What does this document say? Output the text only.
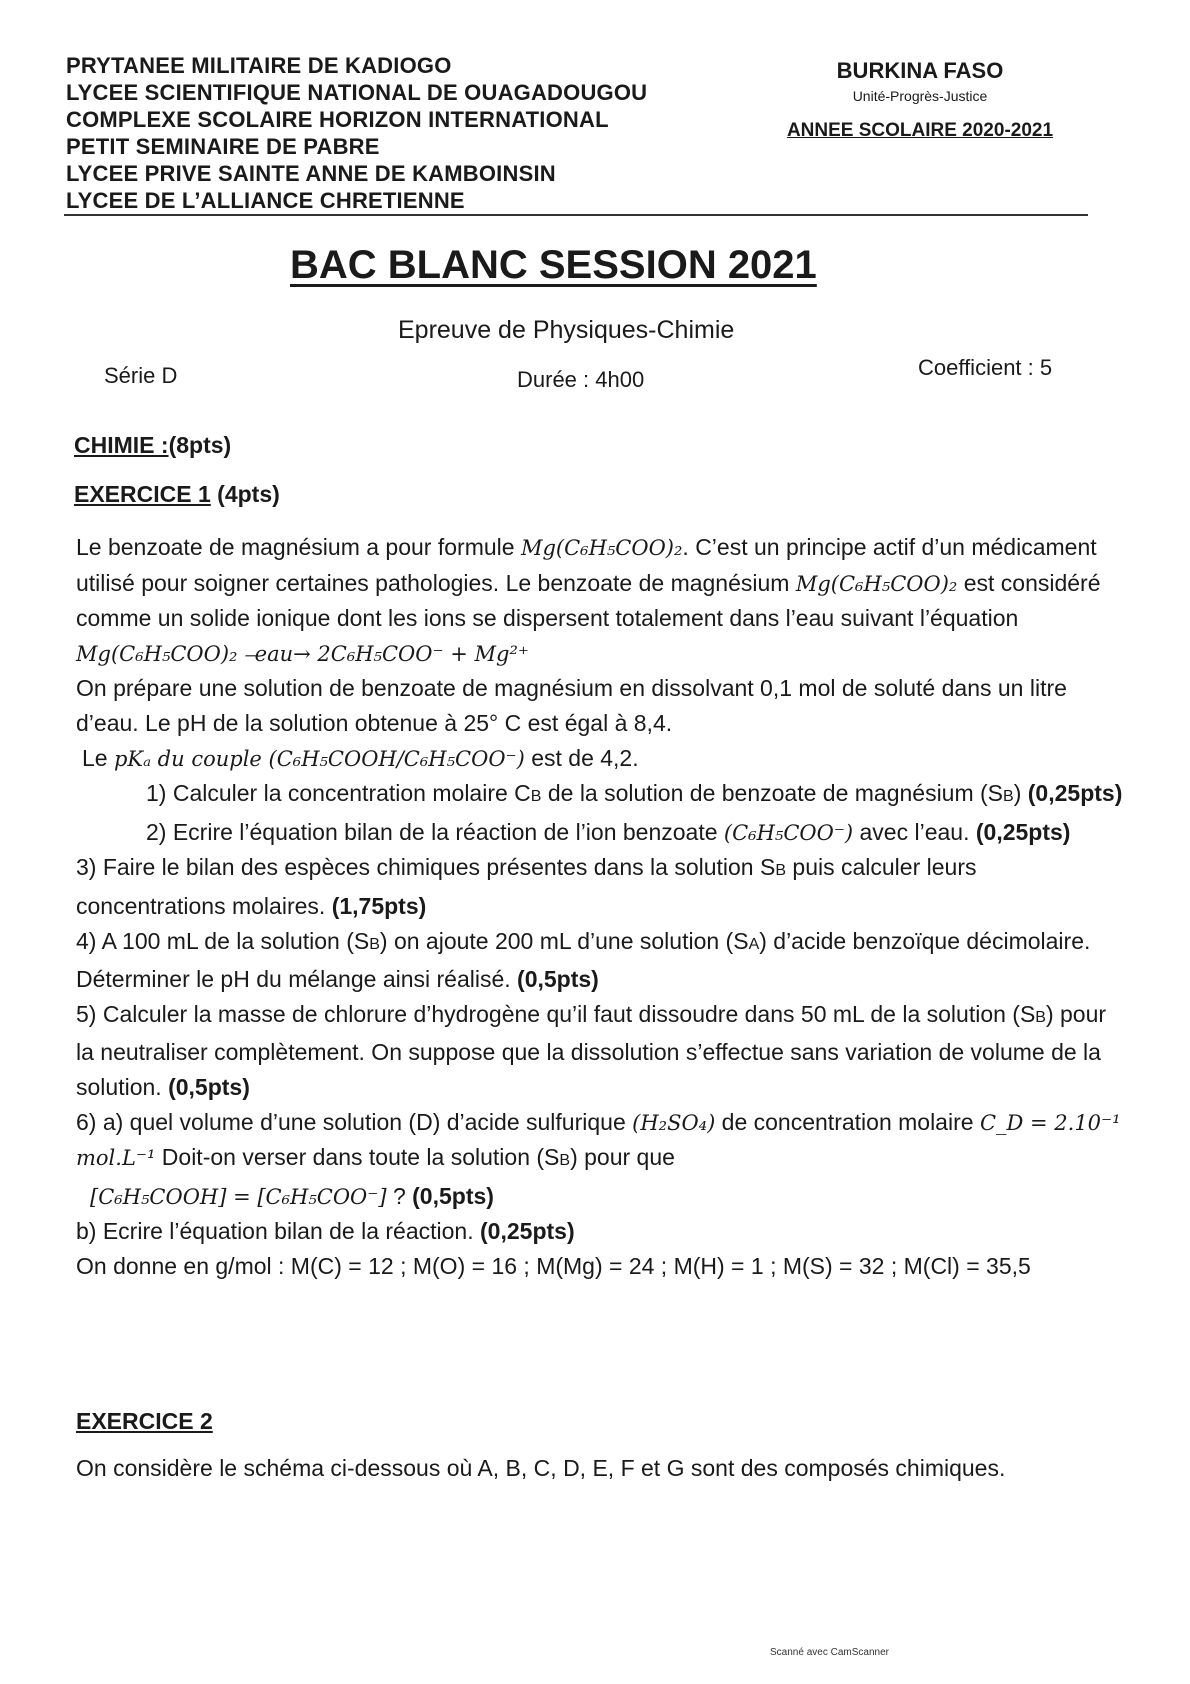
PRYTANEE MILITAIRE DE KADIOGO
LYCEE SCIENTIFIQUE NATIONAL DE OUAGADOUGOU
COMPLEXE SCOLAIRE HORIZON INTERNATIONAL
PETIT SEMINAIRE DE PABRE
LYCEE PRIVE SAINTE ANNE DE KAMBOINSIN
LYCEE DE L’ALLIANCE CHRETIENNE
BURKINA FASO
Unité-Progrès-Justice
ANNEE SCOLAIRE 2020-2021
BAC BLANC SESSION 2021
Epreuve de Physiques-Chimie
Série D	Durée : 4h00	Coefficient : 5
CHIMIE :(8pts)
EXERCICE 1 (4pts)

Le benzoate de magnésium a pour formule Mg(C₆H₅COO)₂. C’est un principe actif d’un médicament utilisé pour soigner certaines pathologies. Le benzoate de magnésium Mg(C₆H₅COO)₂ est considéré comme un solide ionique dont les ions se dispersent totalement dans l’eau suivant l’équation Mg(C₆H₅COO)₂ ⎯eau→ 2C₆H₅COO⁻ + Mg²⁺

On prépare une solution de benzoate de magnésium en dissolvant 0,1 mol de soluté dans un litre d’eau. Le pH de la solution obtenue à 25° C est égal à 8,4.

Le pKₐ du couple (C₆H₅COOH/C₆H₅COO⁻) est de 4,2.

1) Calculer la concentration molaire CB de la solution de benzoate de magnésium (SB) (0,25pts)

2) Ecrire l’équation bilan de la réaction de l’ion benzoate (C₆H₅COO⁻) avec l’eau. (0,25pts)

3) Faire le bilan des espèces chimiques présentes dans la solution SB puis calculer leurs concentrations molaires. (1,75pts)

4) A 100 mL de la solution (SB) on ajoute 200 mL d’une solution (SA) d’acide benzoïque décimolaire. Déterminer le pH du mélange ainsi réalisé. (0,5pts)

5) Calculer la masse de chlorure d’hydrogène qu’il faut dissoudre dans 50 mL de la solution (SB) pour la neutraliser complètement. On suppose que la dissolution s’effectue sans variation de volume de la solution. (0,5pts)

6) a) quel volume d’une solution (D) d’acide sulfurique (H₂SO₄) de concentration molaire C_D = 2.10⁻¹ mol.L⁻¹ Doit-on verser dans toute la solution (SB) pour que
[C₆H₅COOH] = [C₆H₅COO⁻] ? (0,5pts)

b) Ecrire l’équation bilan de la réaction. (0,25pts)

On donne en g/mol : M(C) = 12 ; M(O) = 16 ; M(Mg) = 24 ; M(H) = 1 ; M(S) = 32 ; M(Cl) = 35,5

EXERCICE 2
On considère le schéma ci-dessous où A, B, C, D, E, F et G sont des composés chimiques.
Scanné avec CamScanner
